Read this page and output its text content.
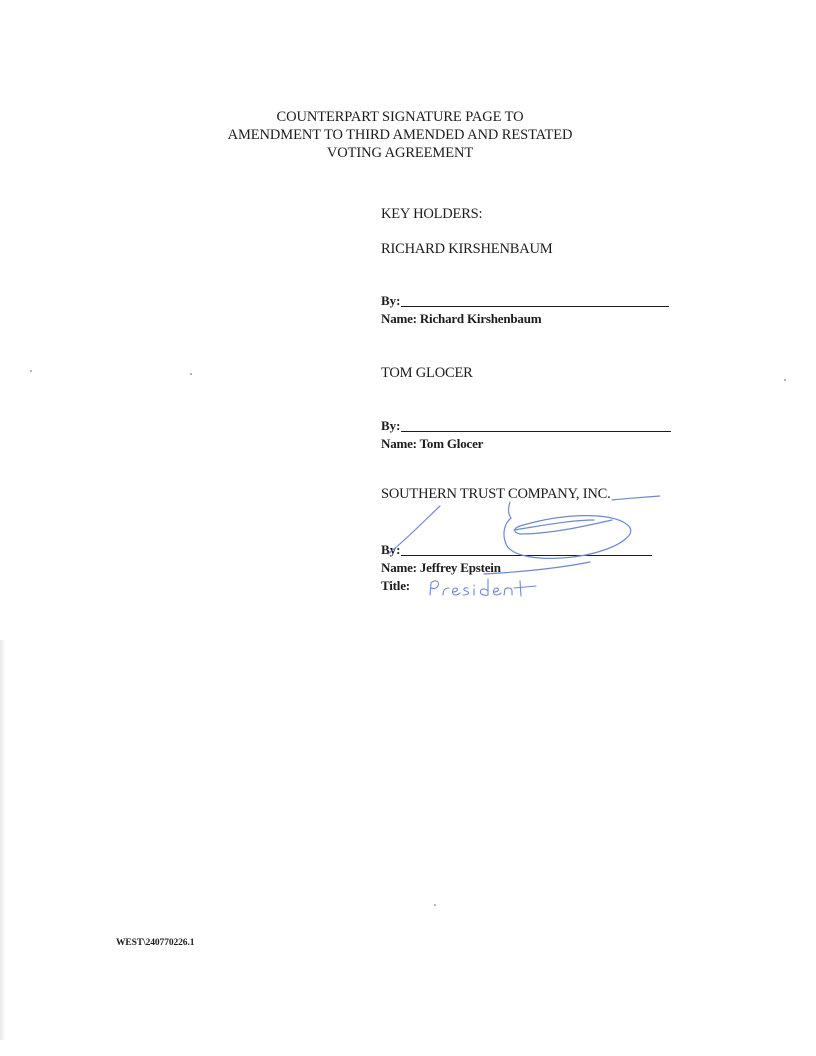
COUNTERPART SIGNATURE PAGE TO
AMENDMENT TO THIRD AMENDED AND RESTATED
VOTING AGREEMENT
KEY HOLDERS:
RICHARD KIRSHENBAUM
By:
Name: Richard Kirshenbaum
TOM GLOCER
By:
Name: Tom Glocer
SOUTHERN TRUST COMPANY, INC.
By:
Name: Jeffrey Epstein
Title:
WEST\240770226.1
